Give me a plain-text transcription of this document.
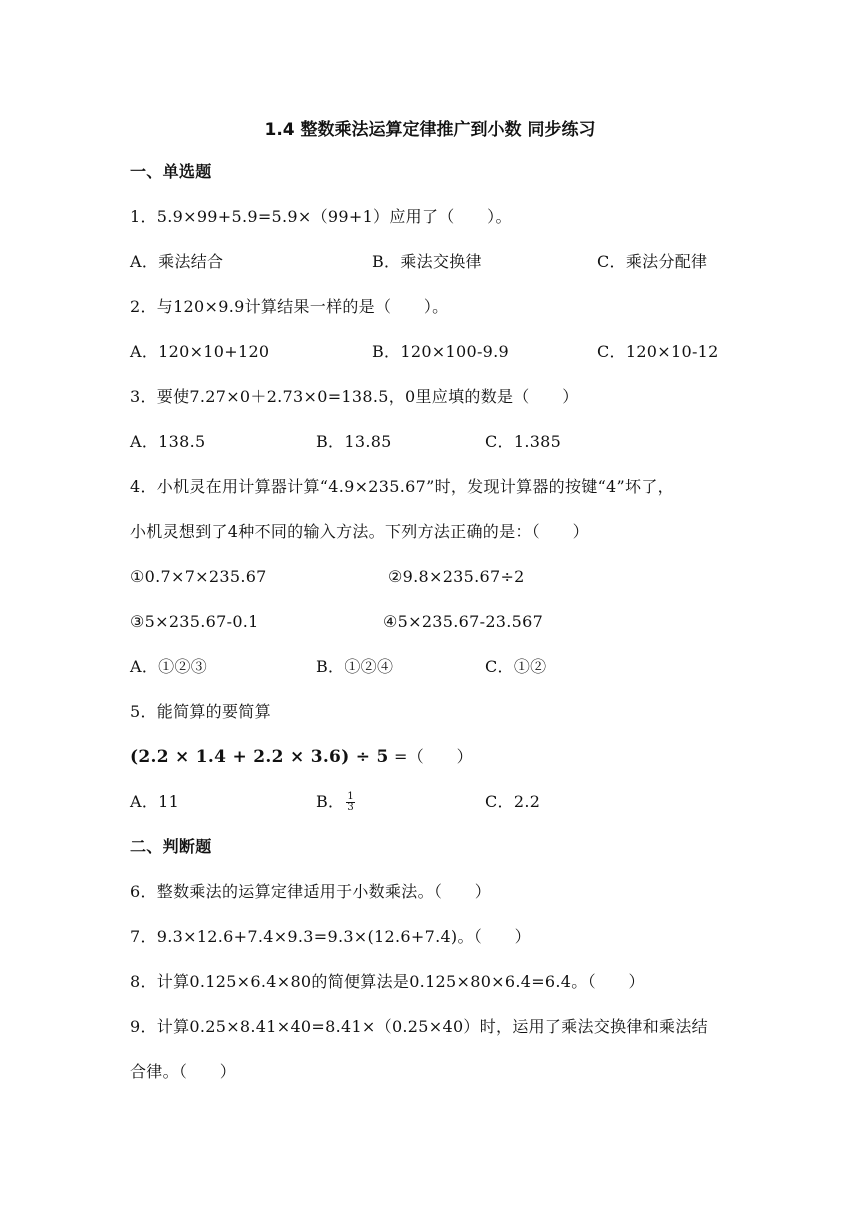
1.4 整数乘法运算定律推广到小数 同步练习
一、单选题
1．5.9×99+5.9=5.9×（99+1）应用了（　　）。
A．乘法结合	B．乘法交换律	C．乘法分配律
2．与120×9.9计算结果一样的是（　　）。
A．120×10+120	B．120×100-9.9	C．120×10-12
3．要使7.27×0＋2.73×0=138.5，0里应填的数是（　　）
A．138.5	B．13.85	C．1.385
4．小机灵在用计算器计算“4.9×235.67”时，发现计算器的按键“4”坏了，
小机灵想到了4种不同的输入方法。下列方法正确的是：（　　）
①0.7×7×235.67	②9.8×235.67÷2
③5×235.67-0.1	④5×235.67-23.567
A．①②③	B．①②④	C．①②
5．能简算的要简算
(2.2 × 1.4 + 2.2 × 3.6) ÷ 5 =（　　）
A．11	B． $\frac{1}{3}$	C．2.2
二、判断题
6．整数乘法的运算定律适用于小数乘法。（　　）
7．9.3×12.6+7.4×9.3=9.3×(12.6+7.4)。（　　）
8．计算0.125×6.4×80的简便算法是0.125×80×6.4=6.4。（　　）
9．计算0.25×8.41×40=8.41×（0.25×40）时，运用了乘法交换律和乘法结
合律。（　　）
